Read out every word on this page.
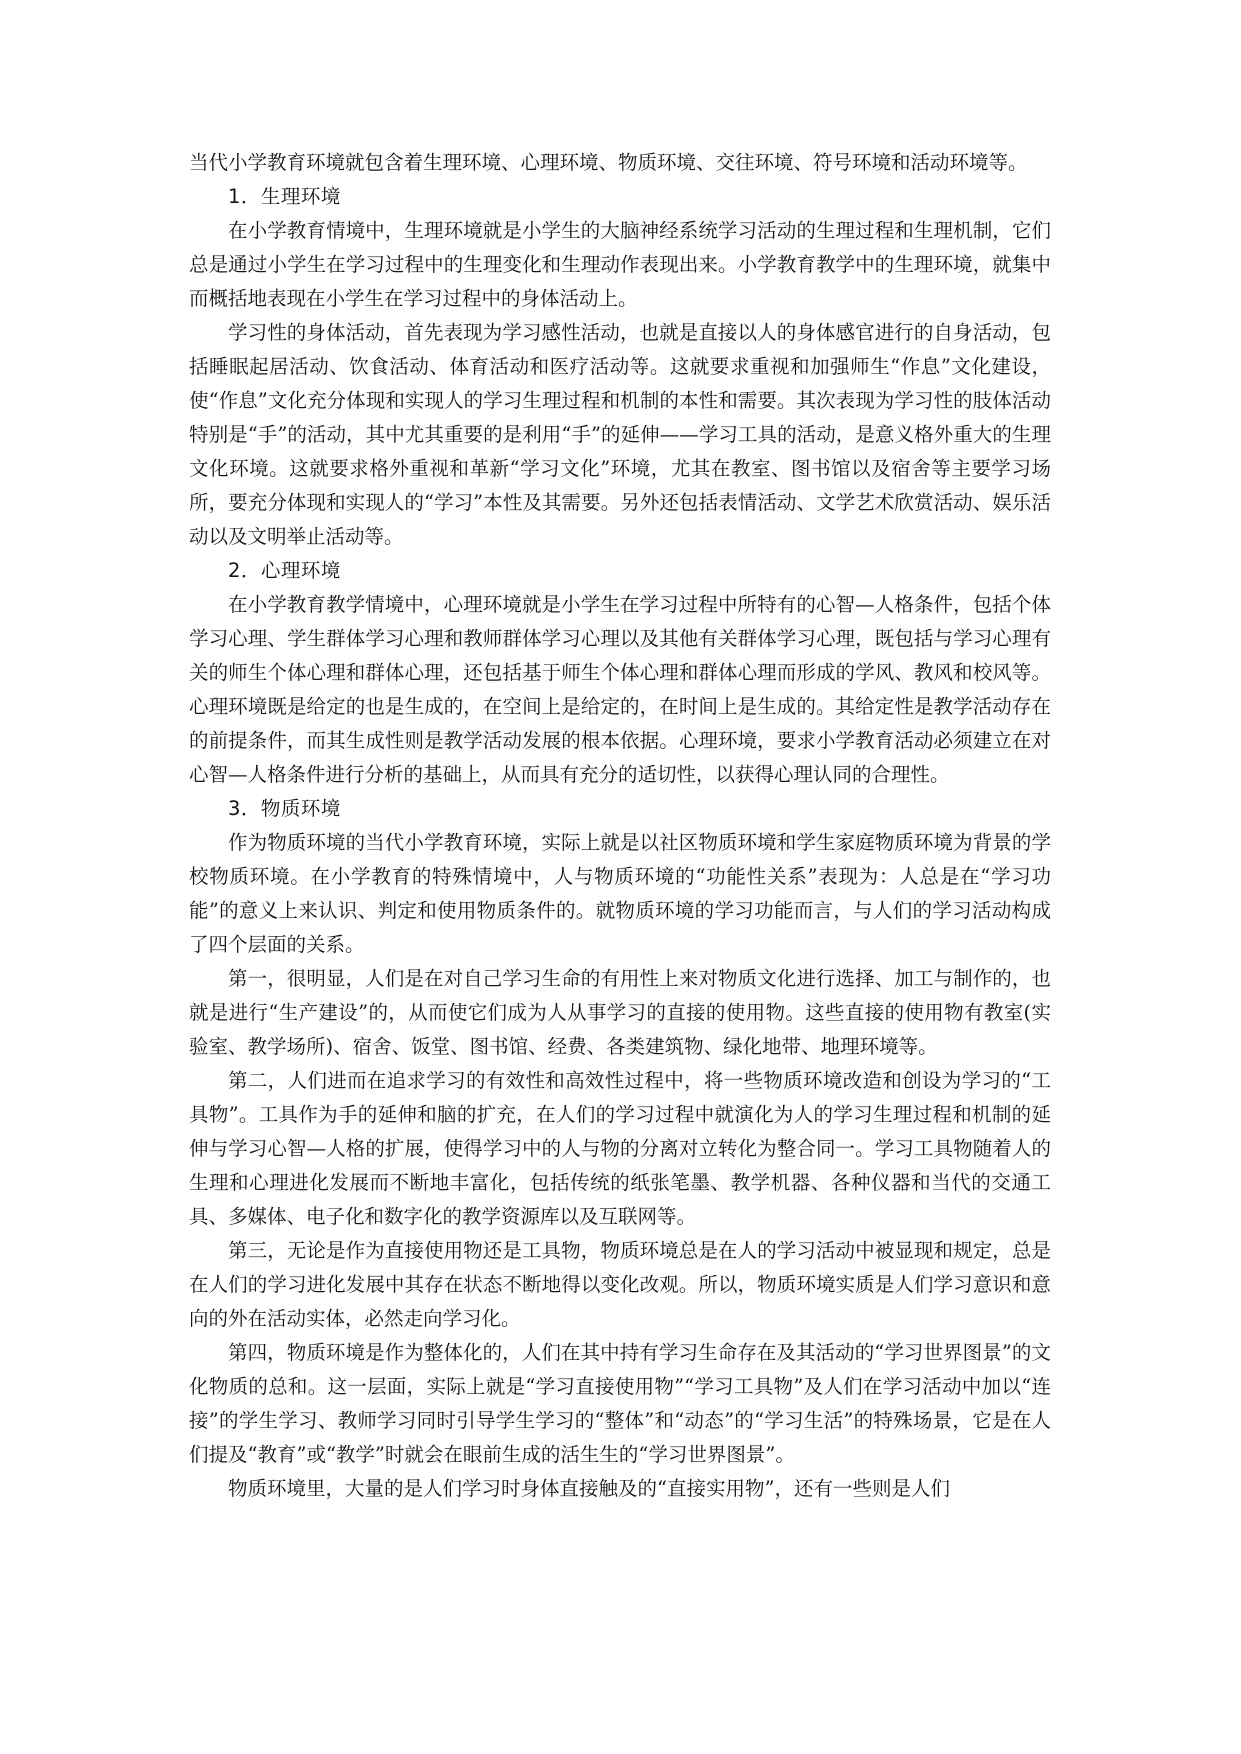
当代小学教育环境就包含着生理环境、心理环境、物质环境、交往环境、符号环境和活动环境等。

1．生理环境

在小学教育情境中，生理环境就是小学生的大脑神经系统学习活动的生理过程和生理机制，它们总是通过小学生在学习过程中的生理变化和生理动作表现出来。小学教育教学中的生理环境，就集中而概括地表现在小学生在学习过程中的身体活动上。

学习性的身体活动，首先表现为学习感性活动，也就是直接以人的身体感官进行的自身活动，包括睡眠起居活动、饮食活动、体育活动和医疗活动等。这就要求重视和加强师生“作息”文化建设，使“作息”文化充分体现和实现人的学习生理过程和机制的本性和需要。其次表现为学习性的肢体活动特别是“手”的活动，其中尤其重要的是利用“手”的延伸——学习工具的活动，是意义格外重大的生理文化环境。这就要求格外重视和革新“学习文化”环境，尤其在教室、图书馆以及宿舍等主要学习场所，要充分体现和实现人的“学习”本性及其需要。另外还包括表情活动、文学艺术欣赏活动、娱乐活动以及文明举止活动等。

2．心理环境

在小学教育教学情境中，心理环境就是小学生在学习过程中所特有的心智—人格条件，包括个体学习心理、学生群体学习心理和教师群体学习心理以及其他有关群体学习心理，既包括与学习心理有关的师生个体心理和群体心理，还包括基于师生个体心理和群体心理而形成的学风、教风和校风等。心理环境既是给定的也是生成的，在空间上是给定的，在时间上是生成的。其给定性是教学活动存在的前提条件，而其生成性则是教学活动发展的根本依据。心理环境，要求小学教育活动必须建立在对心智—人格条件进行分析的基础上，从而具有充分的适切性，以获得心理认同的合理性。

3．物质环境

作为物质环境的当代小学教育环境，实际上就是以社区物质环境和学生家庭物质环境为背景的学校物质环境。在小学教育的特殊情境中，人与物质环境的“功能性关系”表现为：人总是在“学习功能”的意义上来认识、判定和使用物质条件的。就物质环境的学习功能而言，与人们的学习活动构成了四个层面的关系。

第一，很明显，人们是在对自己学习生命的有用性上来对物质文化进行选择、加工与制作的，也就是进行“生产建设”的，从而使它们成为人从事学习的直接的使用物。这些直接的使用物有教室(实验室、教学场所)、宿舍、饭堂、图书馆、经费、各类建筑物、绿化地带、地理环境等。

第二，人们进而在追求学习的有效性和高效性过程中，将一些物质环境改造和创设为学习的“工具物”。工具作为手的延伸和脑的扩充，在人们的学习过程中就演化为人的学习生理过程和机制的延伸与学习心智—人格的扩展，使得学习中的人与物的分离对立转化为整合同一。学习工具物随着人的生理和心理进化发展而不断地丰富化，包括传统的纸张笔墨、教学机器、各种仪器和当代的交通工具、多媒体、电子化和数字化的教学资源库以及互联网等。

第三，无论是作为直接使用物还是工具物，物质环境总是在人的学习活动中被显现和规定，总是在人们的学习进化发展中其存在状态不断地得以变化改观。所以，物质环境实质是人们学习意识和意向的外在活动实体，必然走向学习化。

第四，物质环境是作为整体化的，人们在其中持有学习生命存在及其活动的“学习世界图景”的文化物质的总和。这一层面，实际上就是“学习直接使用物”“学习工具物”及人们在学习活动中加以“连接”的学生学习、教师学习同时引导学生学习的“整体”和“动态”的“学习生活”的特殊场景，它是在人们提及“教育”或“教学”时就会在眼前生成的活生生的“学习世界图景”。

物质环境里，大量的是人们学习时身体直接触及的“直接实用物”，还有一些则是人们
